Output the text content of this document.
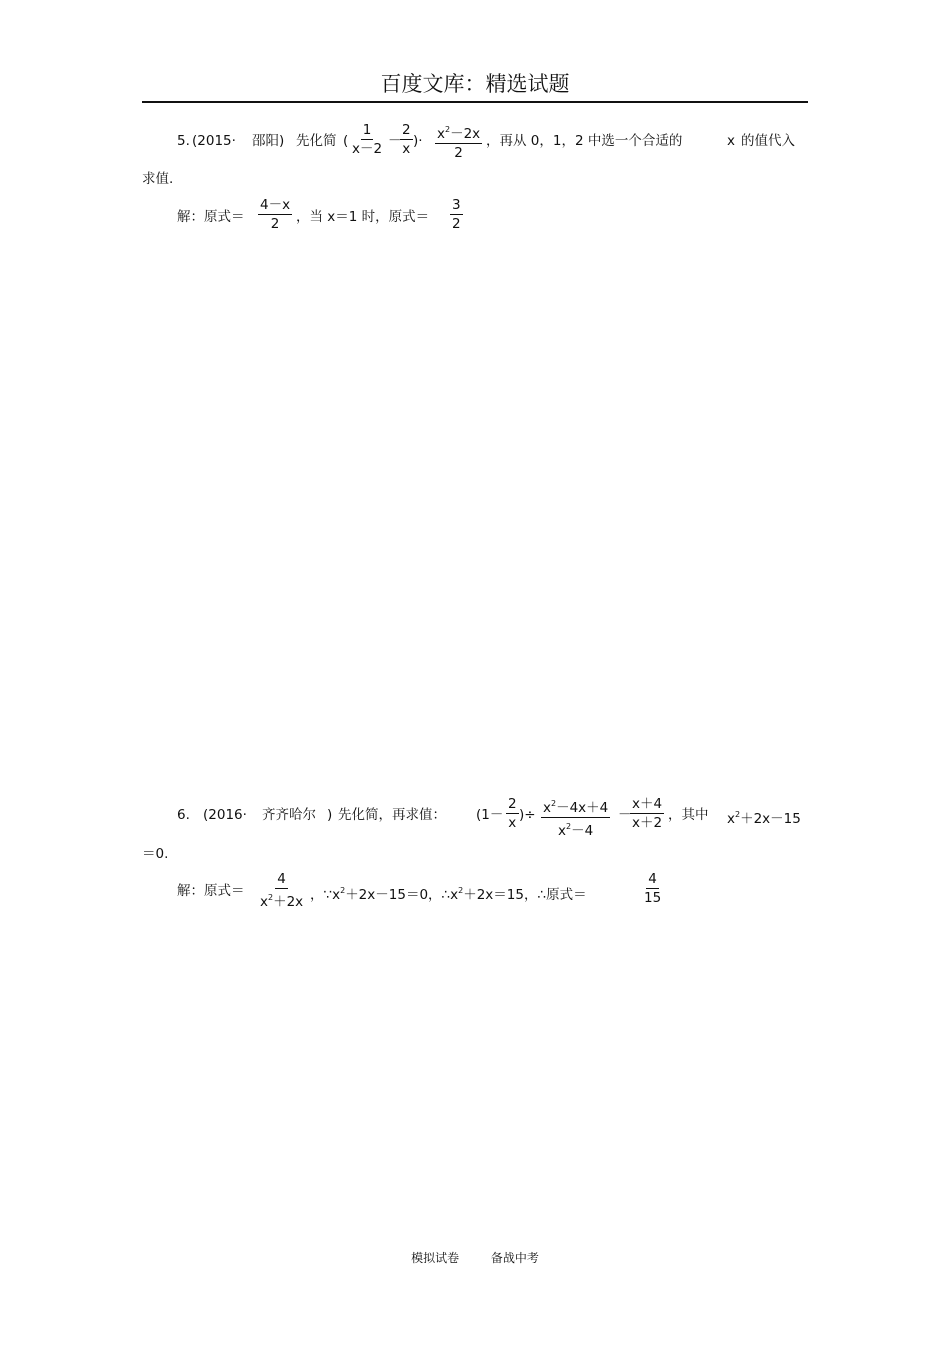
百度文库：精选试题
5. (2015· 邵阳) 先化简 ( $\frac{1}{x-2}$ －
$\frac{2}{x}$ )· $\frac{x^2-2x}{2}$ ，再从 0，1，2 中选一个合适的	x 的值代入
求值.
解：原式＝ $\frac{4-x}{2}$ ，当 x＝1 时，原式＝ $\frac{3}{2}$
6. (2016· 齐齐哈尔 ) 先化简，再求值： ($1- \frac{2}{x}$ )÷ $\frac{x^2-4x+4}{x^2-4}$ －
$\frac{x+4}{x+2}$ ，其中 $x^2+2x-15$
＝0.
解：原式＝ $\frac{4}{x^2+2x}$ ，$\because x^2+2x-15=0$，$\therefore x^2+2x=15$，∴原式＝	$\frac{4}{15}$
模拟试卷	备战中考
